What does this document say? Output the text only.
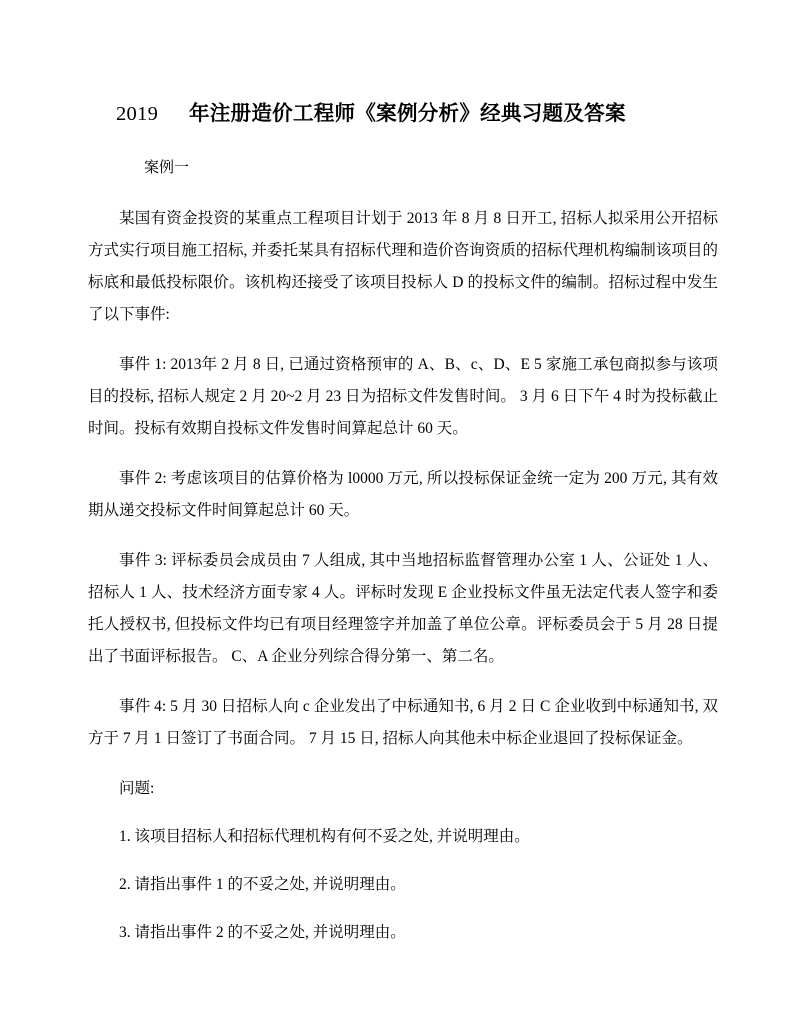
2019 年注册造价工程师《案例分析》经典习题及答案
案例一

某国有资金投资的某重点工程项目计划于 2013 年 8 月 8 日开工, 招标人拟采用公开招标方式实行项目施工招标, 并委托某具有招标代理和造价咨询资质的招标代理机构编制该项目的标底和最低投标限价。该机构还接受了该项目投标人 D 的投标文件的编制。招标过程中发生了以下事件:

事件 1: 2013年 2 月 8 日, 已通过资格预审的 A、B、c、D、E 5 家施工承包商拟参与该项目的投标, 招标人规定 2 月 20~2 月 23 日为招标文件发售时间。 3 月 6 日下午 4 时为投标截止时间。投标有效期自投标文件发售时间算起总计 60 天。

事件 2: 考虑该项目的估算价格为 l0000 万元, 所以投标保证金统一定为 200 万元, 其有效期从递交投标文件时间算起总计 60 天。

事件 3: 评标委员会成员由 7 人组成, 其中当地招标监督管理办公室 1 人、公证处 1 人、招标人 1 人、技术经济方面专家 4 人。评标时发现 E 企业投标文件虽无法定代表人签字和委托人授权书, 但投标文件均已有项目经理签字并加盖了单位公章。评标委员会于 5 月 28 日提出了书面评标报告。 C、A 企业分列综合得分第一、第二名。

事件 4: 5 月 30 日招标人向 c 企业发出了中标通知书, 6 月 2 日 C 企业收到中标通知书, 双方于 7 月 1 日签订了书面合同。 7 月 15 日, 招标人向其他未中标企业退回了投标保证金。

问题:

1. 该项目招标人和招标代理机构有何不妥之处, 并说明理由。

2. 请指出事件 1 的不妥之处, 并说明理由。

3. 请指出事件 2 的不妥之处, 并说明理由。
